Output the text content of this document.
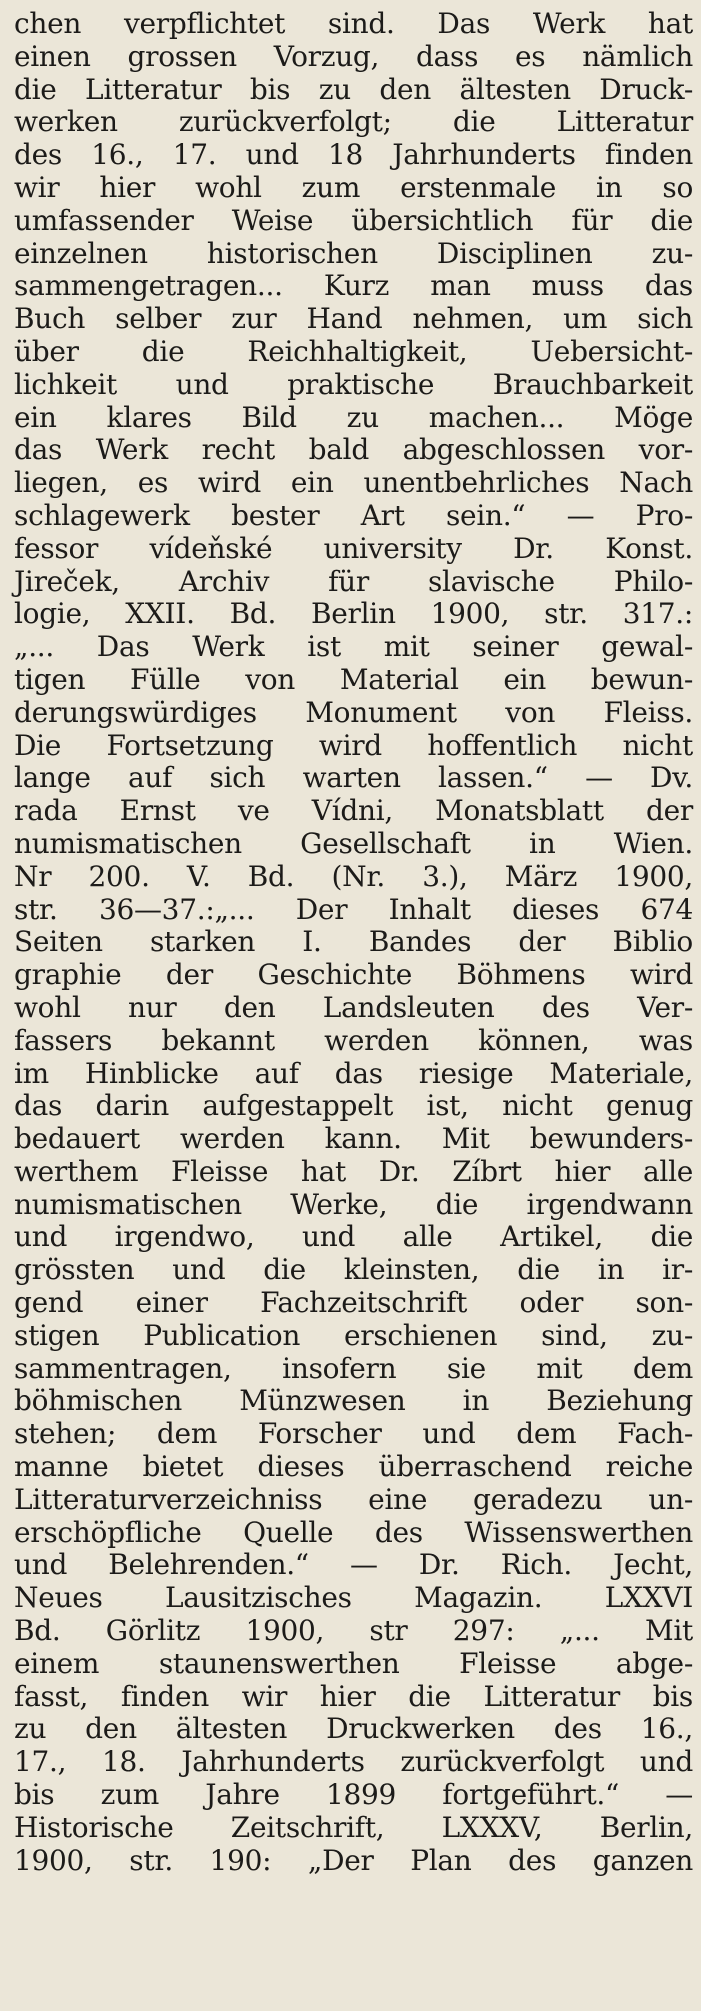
chen verpflichtet sind. Das Werk hat
einen grossen Vorzug, dass es nämlich
die Litteratur bis zu den ältesten Druck-
werken zurückverfolgt; die Litteratur
des 16., 17. und 18 Jahrhunderts finden
wir hier wohl zum erstenmale in so
umfassender Weise übersichtlich für die
einzelnen historischen Disciplinen zu-
sammengetragen... Kurz man muss das
Buch selber zur Hand nehmen, um sich
über die Reichhaltigkeit, Uebersicht-
lichkeit und praktische Brauchbarkeit
ein klares Bild zu machen... Möge
das Werk recht bald abgeschlossen vor-
liegen, es wird ein unentbehrliches Nach
schlagewerk bester Art sein.“ — Pro-
fessor vídeňské university Dr. Konst.
Jireček, Archiv für slavische Philo-
logie, XXII. Bd. Berlin 1900, str. 317.:
„... Das Werk ist mit seiner gewal-
tigen Fülle von Material ein bewun-
derungswürdiges Monument von Fleiss.
Die Fortsetzung wird hoffentlich nicht
lange auf sich warten lassen.“ — Dv.
rada Ernst ve Vídni, Monatsblatt der
numismatischen Gesellschaft in Wien.
Nr 200. V. Bd. (Nr. 3.), März 1900,
str. 36—37.:„... Der Inhalt dieses 674
Seiten starken I. Bandes der Biblio
graphie der Geschichte Böhmens wird
wohl nur den Landsleuten des Ver-
fassers bekannt werden können, was
im Hinblicke auf das riesige Materiale,
das darin aufgestappelt ist, nicht genug
bedauert werden kann. Mit bewunders-
werthem Fleisse hat Dr. Zíbrt hier alle
numismatischen Werke, die irgendwann
und irgendwo, und alle Artikel, die
grössten und die kleinsten, die in ir-
gend einer Fachzeitschrift oder son-
stigen Publication erschienen sind, zu-
sammentragen, insofern sie mit dem
böhmischen Münzwesen in Beziehung
stehen; dem Forscher und dem Fach-
manne bietet dieses überraschend reiche
Litteraturverzeichniss eine geradezu un-
erschöpfliche Quelle des Wissenswerthen
und Belehrenden.“ — Dr. Rich. Jecht,
Neues Lausitzisches Magazin. LXXVI
Bd. Görlitz 1900, str 297: „... Mit
einem staunenswerthen Fleisse abge-
fasst, finden wir hier die Litteratur bis
zu den ältesten Druckwerken des 16.,
17., 18. Jahrhunderts zurückverfolgt und
bis zum Jahre 1899 fortgeführt.“ —
Historische Zeitschrift, LXXXV, Berlin,
1900, str. 190: „Der Plan des ganzen
